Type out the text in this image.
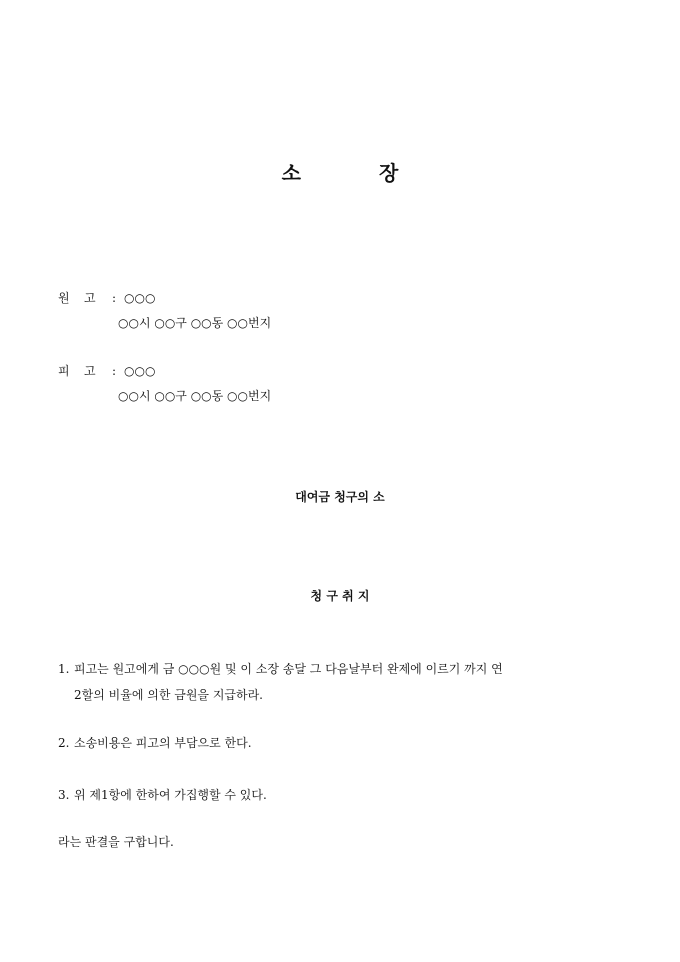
소	장
원 고 : ○○○
○○시 ○○구 ○○동 ○○번지
피 고 : ○○○
○○시 ○○구 ○○동 ○○번지
대여금 청구의 소
청 구 취 지
1. 피고는 원고에게 금 ○○○원 및 이 소장 송달 그 다음날부터 완제에 이르기 까지 연
2할의 비율에 의한 금원을 지급하라.
2. 소송비용은 피고의 부담으로 한다.
3. 위 제1항에 한하여 가집행할 수 있다.
라는 판결을 구합니다.
